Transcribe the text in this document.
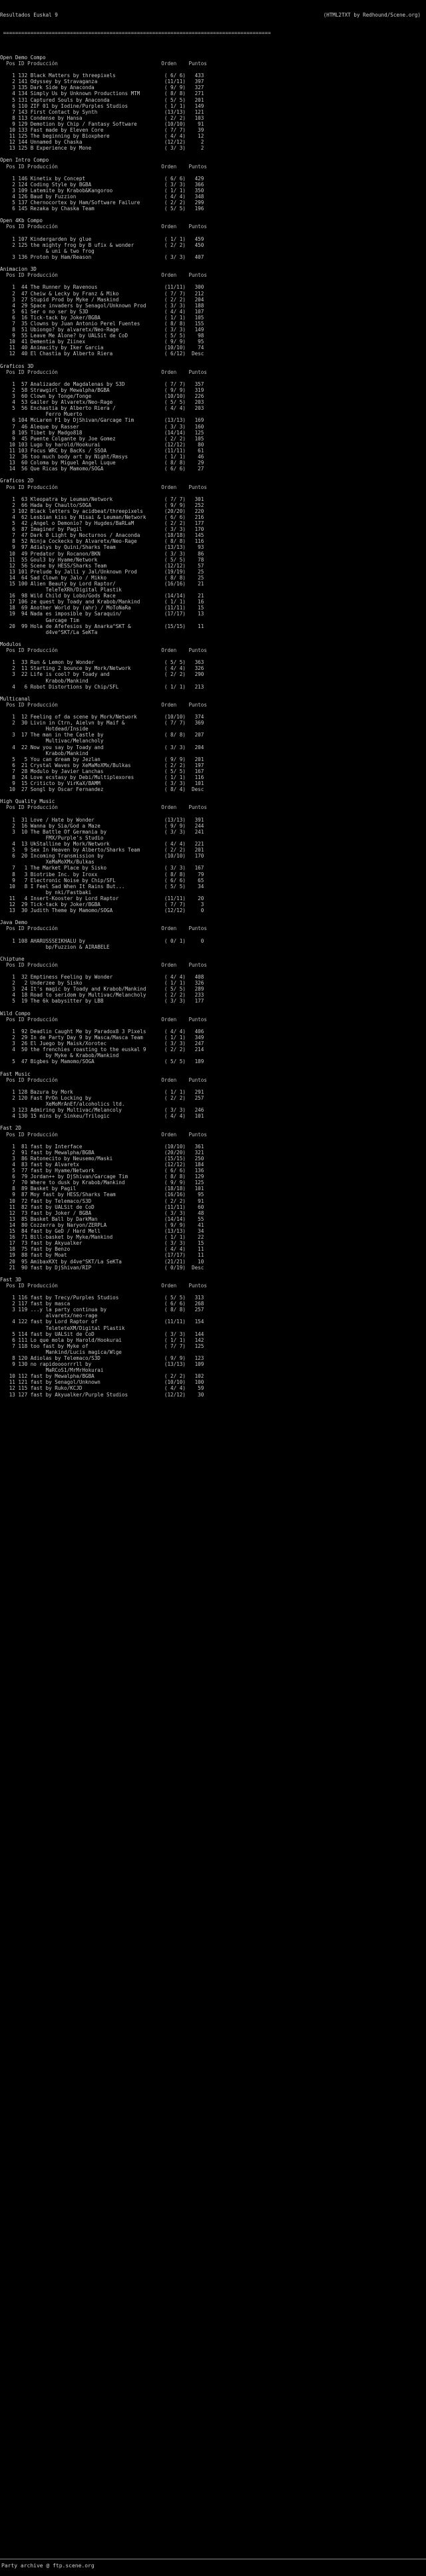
Resultados Euskal 9	(HTML2TXT by Redhound/Scene.org)

========================================================================================

Open Demo Compo
Pos ID Producción                                  Orden    Puntos

1 132 Black Matters by threepixels                ( 6/ 6)   433
2 141 Odyssey by Stravaganza                      (11/11)   397
3 135 Dark Side by Anaconda                       ( 9/ 9)   327
4 134 Simply Us by Unknown Productions MTM        ( 8/ 8)   271
5 131 Captured Souls by Anaconda                  ( 5/ 5)   201
6 110 ZIF 01 by Iodine/Purples Studios            ( 1/ 1)   149
7 143 First Contact by Synth                      (13/13)   121
8 113 Condense by Hansa                           ( 2/ 2)   103
9 129 Demotion by Chip / Fantasy Software         (10/10)    91
10 133 Fast made by Eleven Core                    ( 7/ 7)    39
11 125 The beginning by Bioxphere                  ( 4/ 4)    12
12 144 Unnamed by Chaska                           (12/12)     2
13 125 B Experience by Mone                        ( 3/ 3)     2

Open Intro Compo
Pos ID Producción                                  Orden    Puntos

1 146 Kinetix by Concept                          ( 6/ 6)   429
2 124 Coding Style by BGBA                        ( 3/ 3)   366
3 109 Latemite by Krabob&Kangoroo                 ( 1/ 1)   350
4 126 Baud by Fuzzion                             ( 4/ 4)   348
5 137 Chernocortex by Ham/Software Failure        ( 2/ 2)   299
6 145 Rezaka by Chaska Team                       ( 5/ 5)   196

Open 4Kb Compo
Pos ID Producción                                  Orden    Puntos

1 107 Kindergarden by glue                        ( 1/ 1)   459
2 125 the mighty frog by B ufix & wonder          ( 2/ 2)   450
& uni & two frog
3 136 Proton by Ham/Reason                        ( 3/ 3)   407

Animacion 3D
Pos ID Producción                                  Orden    Puntos

1  44 The Runner by Ravenous                      (11/11)   300
2  47 Cheiw & Lecky by Franz & Miko               ( 7/ 7)   212
3  27 Stupid Prod by Myke / Maskind               ( 2/ 2)   204
4  29 Space invaders by Senagol/Unknown Prod      ( 3/ 3)   188
5  61 Ser o no ser by S3D                         ( 4/ 4)   107
6  16 Tick-tack by Joker/BGBA                     ( 1/ 1)   105
7  35 Clowns by Juan Antonio Perel Fuentes        ( 8/ 8)   155
8  51 Ubiongo? by alvaretx/Neo-Rage               ( 3/ 3)   149
9  55 Leave Me Alone? by UALSit de CoD            ( 5/ 5)    98
10  41 Dementia by Ziinex                          ( 9/ 9)    95
11  40 Animacity by Iker Garcia                    (10/10)    74
12  40 El Chastia by Alberto Riera                 ( 6/12)  Desc

Graficos 3D
Pos ID Producción                                  Orden    Puntos

1  57 Analizador de Magdalenas by S3D             ( 7/ 7)   357
2  58 Strawgirl by Mewalpha/BGBA                  ( 9/ 9)   319
3  60 Clown by Tonge/Tonge                        (10/10)   226
4  53 Gailer by Alvaretx/Neo-Rage                 ( 5/ 5)   203
5  56 Enchastia by Alberto Riera /                ( 4/ 4)   203
Ferro Muerto
6 104 McLaren F1 by DjShivan/Garcage Tim          (13/13)   169
7  46 Aleque by Rasser                            ( 3/ 3)   160
8 105 Tibet by Madgo818                           (14/14)   125
9  45 Puente Colgante by Joe Gomez                ( 2/ 2)   105
10 103 Lugo by harold/Hookurai                     (12/12)    80
11 103 Focus WRC by BacKs / SSOA                   (11/11)    61
12  36 too much body art by Night/Rmsys            ( 1/ 1)    46
13  60 Coloma by Miguel Angel Luque                ( 8/ 8)    29
14  56 Que Ricas by Mamomo/SOGA                    ( 6/ 6)    27

Graficos 2D
Pos ID Producción                                  Orden    Puntos

1  63 Kleopatra by Leuman/Network                 ( 7/ 7)   301
2  66 Hada by Chaulto/SOGA                        ( 9/ 9)   252
3 102 Black letters by acidbeat/threepixels       (20/20)   220
4  62 Lesbian kiss by Nisai & Leuman/Network      ( 6/ 6)   216
5  42 ¿Angel o Demonio? by Hugdes/BaRLaM          ( 2/ 2)   177
6  87 Imaginer by Pagil                           ( 3/ 3)   170
7  47 Dark 8 Light by Nocturnos / Anaconda        (18/18)   145
8  52 Ninja Cockecks by Alvaretx/Neo-Rage         ( 8/ 8)   116
9  97 Adialys by Quini/Sharks Team                (13/13)    93
10  49 Predator by Rocanon/BKN                     ( 3/ 3)    86
11  55 Goul3 by Hyame/Network                      ( 5/ 5)    78
12  56 Scene by HESS/Sharks Team                   (12/12)    57
13 101 Prelude by Jalli y Jal/Unknown Prod         (19/19)    25
14  64 Sad Clown by Jalo / Mikko                   ( 8/ 8)    25
15 100 Alien Beauty by Lord Raptor/                (16/16)    21
TeleTeXRh/Digital Plastik
16  98 Wild Child by Lobo/Gods Race                (14/14)    21
17 106 ze quest by Toady and Krabob/Mankind        ( 1/ 1)    16
18  69 Another World by (ahr) / MoToNaRa           (11/11)    15
19  94 Nada es imposible by Saraquin/              (17/17)    13
Garcage Tim
20  99 Hola de Afefesios by Anarka^SKT &           (15/15)    11
d4ve^SKT/La SeKTa

Modulos
Pos ID Producción                                  Orden    Puntos

1  33 Run & Lemon by Wonder                       ( 5/ 5)   363
2  11 Starting 2 bounce by Mork/Network           ( 4/ 4)   326
3  22 Life is cool? by Toady and                  ( 2/ 2)   290
Krabob/Mankind
4   6 Robot Distortions by Chip/SFL               ( 1/ 1)   213

Multicanal
Pos ID Producción                                  Orden    Puntos

1  12 Feeling of da scene by Mork/Network         (10/10)   374
2  30 Livin in Ctrn, Aielvn by Maif &             ( 7/ 7)   369
Hotdead/Inside
3  17 The man in the Castle by                    ( 8/ 8)   207
Multivac/Melancholy
4  22 Now you say by Toady and                    ( 3/ 3)   204
Krabob/Mankind
5   5 You can dream by Jezlan                     ( 9/ 9)   201
6  21 Crystal Waves by XeMaMoXMx/Bulkas           ( 2/ 2)   197
7  28 Modulo by Javier Lanchas                    ( 5/ 5)   167
8  24 Love ecstasy by Debi/Multiplexores          ( 1/ 1)   116
9  15 Criticto by VirKaX/BAMM                     ( 3/ 3)   101
10  27 Songl by Oscar Fernandez                    ( 8/ 4)  Desc

High Quality Music
Pos ID Producción                                  Orden    Puntos

1  31 Love / Hate by Wonder                       (13/13)   391
2  16 Wanna by Sia/God a Maze                     ( 9/ 9)   244
3  10 The Battle Of Germania by                   ( 3/ 3)   241
FMX/Purple's Studio
4  13 UkStalline by Mork/Network                  ( 4/ 4)   221
5   9 Sex In Heaven by Alberto/Sharks Team        ( 2/ 2)   201
6  20 Incoming Transmission by                    (10/10)   170
XeMaMoXMx/Bulkas
7   1 The Market Place by Sisko                   ( 3/ 3)   167
8   3 Biotribe Inc. by Iroxx                      ( 8/ 8)    79
9   7 Electronic Noise by Chip/SFL                ( 6/ 6)    65
10   8 I Feel Sad When It Rains But...             ( 5/ 5)    34
by nki/Fastbaki
11   4 Insert-Kooster by Lord Raptor               (11/11)    20
12  29 Tick-tack by Joker/BGBA                     ( 7/ 7)     3
13  30 Judith Theme by Mamomo/SOGA                 (12/12)     0

Java Demo
Pos ID Producción                                  Orden    Puntos

1 108 AHARUSSSEIKHALU by                          ( 0/ 1)     0
bp/Fuzzion & AIRABELE

Chiptune
Pos ID Producción                                  Orden    Puntos

1  32 Emptiness Feeling by Wonder                 ( 4/ 4)   408
2   2 Underzee by Sisko                           ( 1/ 1)   326
3  24 It's magic by Toady and Krabob/Mankind      ( 5/ 5)   289
4  18 Road to seridom by Multivac/Melancholy      ( 2/ 2)   233
5  19 The 6k babysitter by LBB                    ( 3/ 3)   177

Wild Compo
Pos ID Producción                                  Orden    Puntos

1  92 Deadlin Caught Me by Paradox8 3 Pixels      ( 4/ 4)   406
2  29 In de Party Day 9 by Masca/Masca Team       ( 1/ 1)   349
3  26 El Juego by Maisk/Xorotec                   ( 3/ 3)   247
4  50 the frenchies roasting to the euskal 9      ( 2/ 2)   214
by Myke & Krabob/Mankind
5  47 Bigbes by Mamomo/SOGA                       ( 5/ 5)   189

Fast Music
Pos ID Producción                                  Orden    Puntos

1 128 Bazura by Mork                              ( 1/ 1)   291
2 120 Fast PrOn Locking by                        ( 2/ 2)   257
XeMoMrAnEf/alcoholics ltd.
3 123 Admiring by Multivac/Melancoly              ( 3/ 3)   246
4 130 15 mins by Sinkeu/Trilogic                  ( 4/ 4)   101

Fast 2D
Pos ID Producción                                  Orden    Puntos

1  81 fast by Interface                           (10/10)   361
2  91 fast by Mewalpha/BGBA                       (20/20)   321
3  86 Ratonecito by Neusemo/Maski                 (15/15)   250
4  83 fast by Alvaretx                            (12/12)   184
5  77 fast by Hyame/Network                       ( 6/ 6)   136
6  79 Jordan++ by DjShivan/Garcage Tim            ( 8/ 8)   129
7  70 Where to dusk by Krabob/Mankind             ( 9/ 9)   125
8  89 Basket by Pagil                             (18/18)   101
9  87 Moy fast by HESS/Sharks Team                (16/16)    95
10  72 fast by Telemaco/S3D                        ( 2/ 2)    91
11  82 fast by UALSit de CoD                       (11/11)    60
12  73 fast by Joker / BGBA                        ( 3/ 3)    48
13  85 Basket Ball by DarkMan                      (14/14)    55
14  80 Cozzerra by Naryon/ZERPLA                   ( 9/ 9)    41
15  84 fast by GeD / Hard Mell                     (13/13)    34
16  71 Bill-basket by Myke/Mankind                 ( 1/ 1)    22
17  73 fast by Akyualker                           ( 3/ 3)    15
18  75 fast by Benzo                               ( 4/ 4)    11
19  88 fast by Moat                                (17/17)    11
20  95 AmibaxKXt by d4ve^SKT/La SeKTa              (21/21)    10
21  90 fast by DjShivan/RIP                        ( 0/19)  Desc

Fast 3D
Pos ID Producción                                  Orden    Puntos

1 116 fast by Trecy/Purples Studios               ( 5/ 5)   313
2 117 fast by masca                               ( 6/ 6)   268
3 119 ...y la party continua by                   ( 8/ 8)   257
alvaretx/neo-rage
4 122 fast by Lord Raptor of                      (11/11)   154
TeleteteXM/Digital Plastik
5 114 fast by UALSit de CoD                       ( 3/ 3)   144
6 111 Lo que mola by Harold/Hookurai              ( 1/ 1)   142
7 118 too fast by Myke of                         ( 7/ 7)   125
Mankind/Lucis magica/Wlge
8 120 Adiolas by Telemaco/S3D                     ( 9/ 9)   123
9 130 no rapidoooorrrll by                        (13/13)   109
MaRCoS1/MrMrHokurai
10 112 fast by Mewalpha/BGBA                       ( 2/ 2)   102
11 121 fast by Senagol/Unknown                     (10/10)   100
12 115 fast by Ruko/KCJD                           ( 4/ 4)    59
13 127 fast by Akyualker/Purple Studios            (12/12)    30

Party archive @ ftp.scene.org
